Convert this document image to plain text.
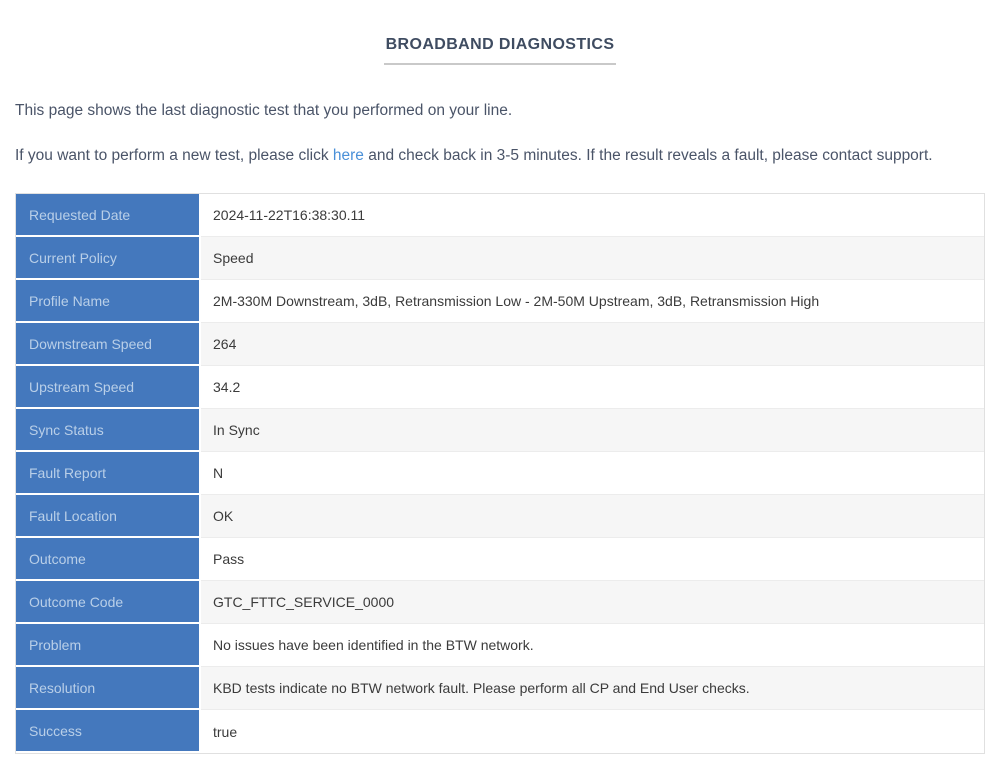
BROADBAND DIAGNOSTICS

This page shows the last diagnostic test that you performed on your line.

If you want to perform a new test, please click here and check back in 3-5 minutes. If the result reveals a fault, please contact support.

Requested Date	2024-11-22T16:38:30.11
Current Policy	Speed
Profile Name	2M-330M Downstream, 3dB, Retransmission Low - 2M-50M Upstream, 3dB, Retransmission High
Downstream Speed	264
Upstream Speed	34.2
Sync Status	In Sync
Fault Report	N
Fault Location	OK
Outcome	Pass
Outcome Code	GTC_FTTC_SERVICE_0000
Problem	No issues have been identified in the BTW network.
Resolution	KBD tests indicate no BTW network fault. Please perform all CP and End User checks.
Success	true
